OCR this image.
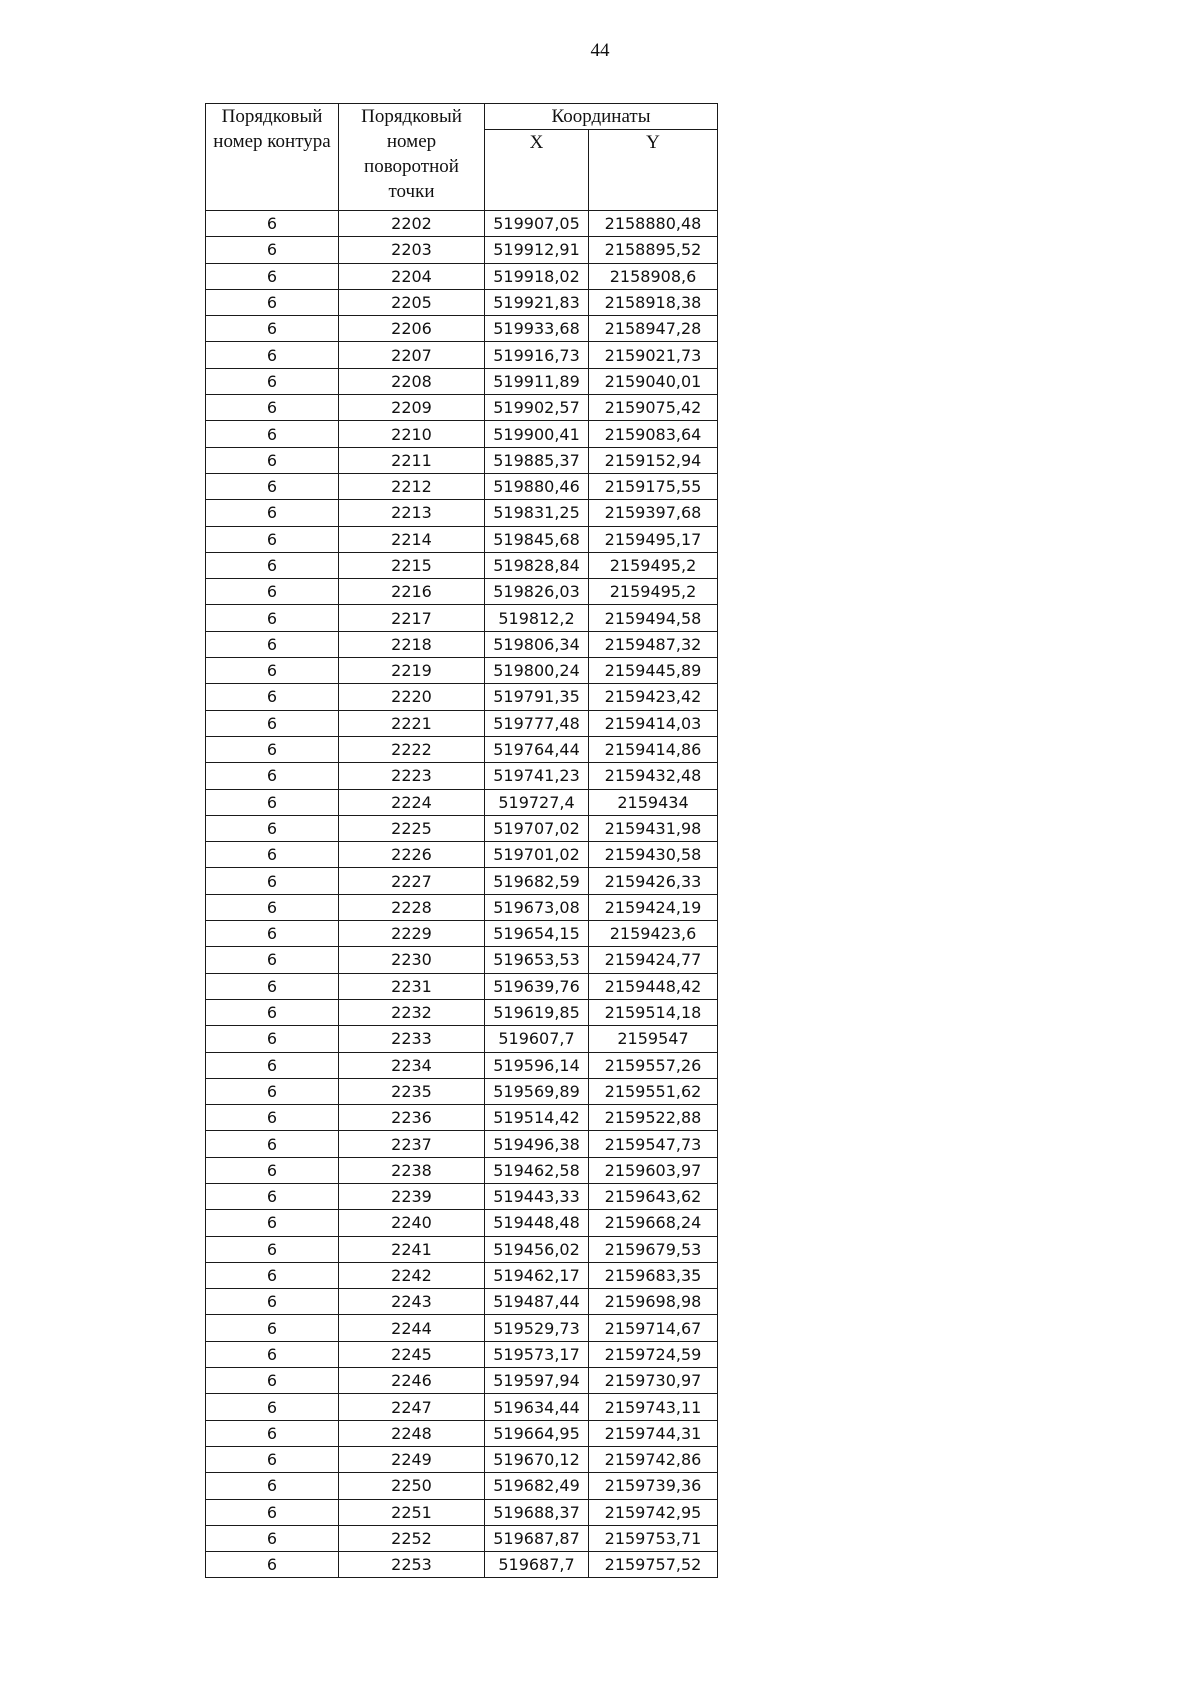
44
Порядковый номер контура	Порядковый номер поворотной точки	Координаты	
		X	Y
6	2202	519907,05	2158880,48
6	2203	519912,91	2158895,52
6	2204	519918,02	2158908,6
6	2205	519921,83	2158918,38
6	2206	519933,68	2158947,28
6	2207	519916,73	2159021,73
6	2208	519911,89	2159040,01
6	2209	519902,57	2159075,42
6	2210	519900,41	2159083,64
6	2211	519885,37	2159152,94
6	2212	519880,46	2159175,55
6	2213	519831,25	2159397,68
6	2214	519845,68	2159495,17
6	2215	519828,84	2159495,2
6	2216	519826,03	2159495,2
6	2217	519812,2	2159494,58
6	2218	519806,34	2159487,32
6	2219	519800,24	2159445,89
6	2220	519791,35	2159423,42
6	2221	519777,48	2159414,03
6	2222	519764,44	2159414,86
6	2223	519741,23	2159432,48
6	2224	519727,4	2159434
6	2225	519707,02	2159431,98
6	2226	519701,02	2159430,58
6	2227	519682,59	2159426,33
6	2228	519673,08	2159424,19
6	2229	519654,15	2159423,6
6	2230	519653,53	2159424,77
6	2231	519639,76	2159448,42
6	2232	519619,85	2159514,18
6	2233	519607,7	2159547
6	2234	519596,14	2159557,26
6	2235	519569,89	2159551,62
6	2236	519514,42	2159522,88
6	2237	519496,38	2159547,73
6	2238	519462,58	2159603,97
6	2239	519443,33	2159643,62
6	2240	519448,48	2159668,24
6	2241	519456,02	2159679,53
6	2242	519462,17	2159683,35
6	2243	519487,44	2159698,98
6	2244	519529,73	2159714,67
6	2245	519573,17	2159724,59
6	2246	519597,94	2159730,97
6	2247	519634,44	2159743,11
6	2248	519664,95	2159744,31
6	2249	519670,12	2159742,86
6	2250	519682,49	2159739,36
6	2251	519688,37	2159742,95
6	2252	519687,87	2159753,71
6	2253	519687,7	2159757,52
